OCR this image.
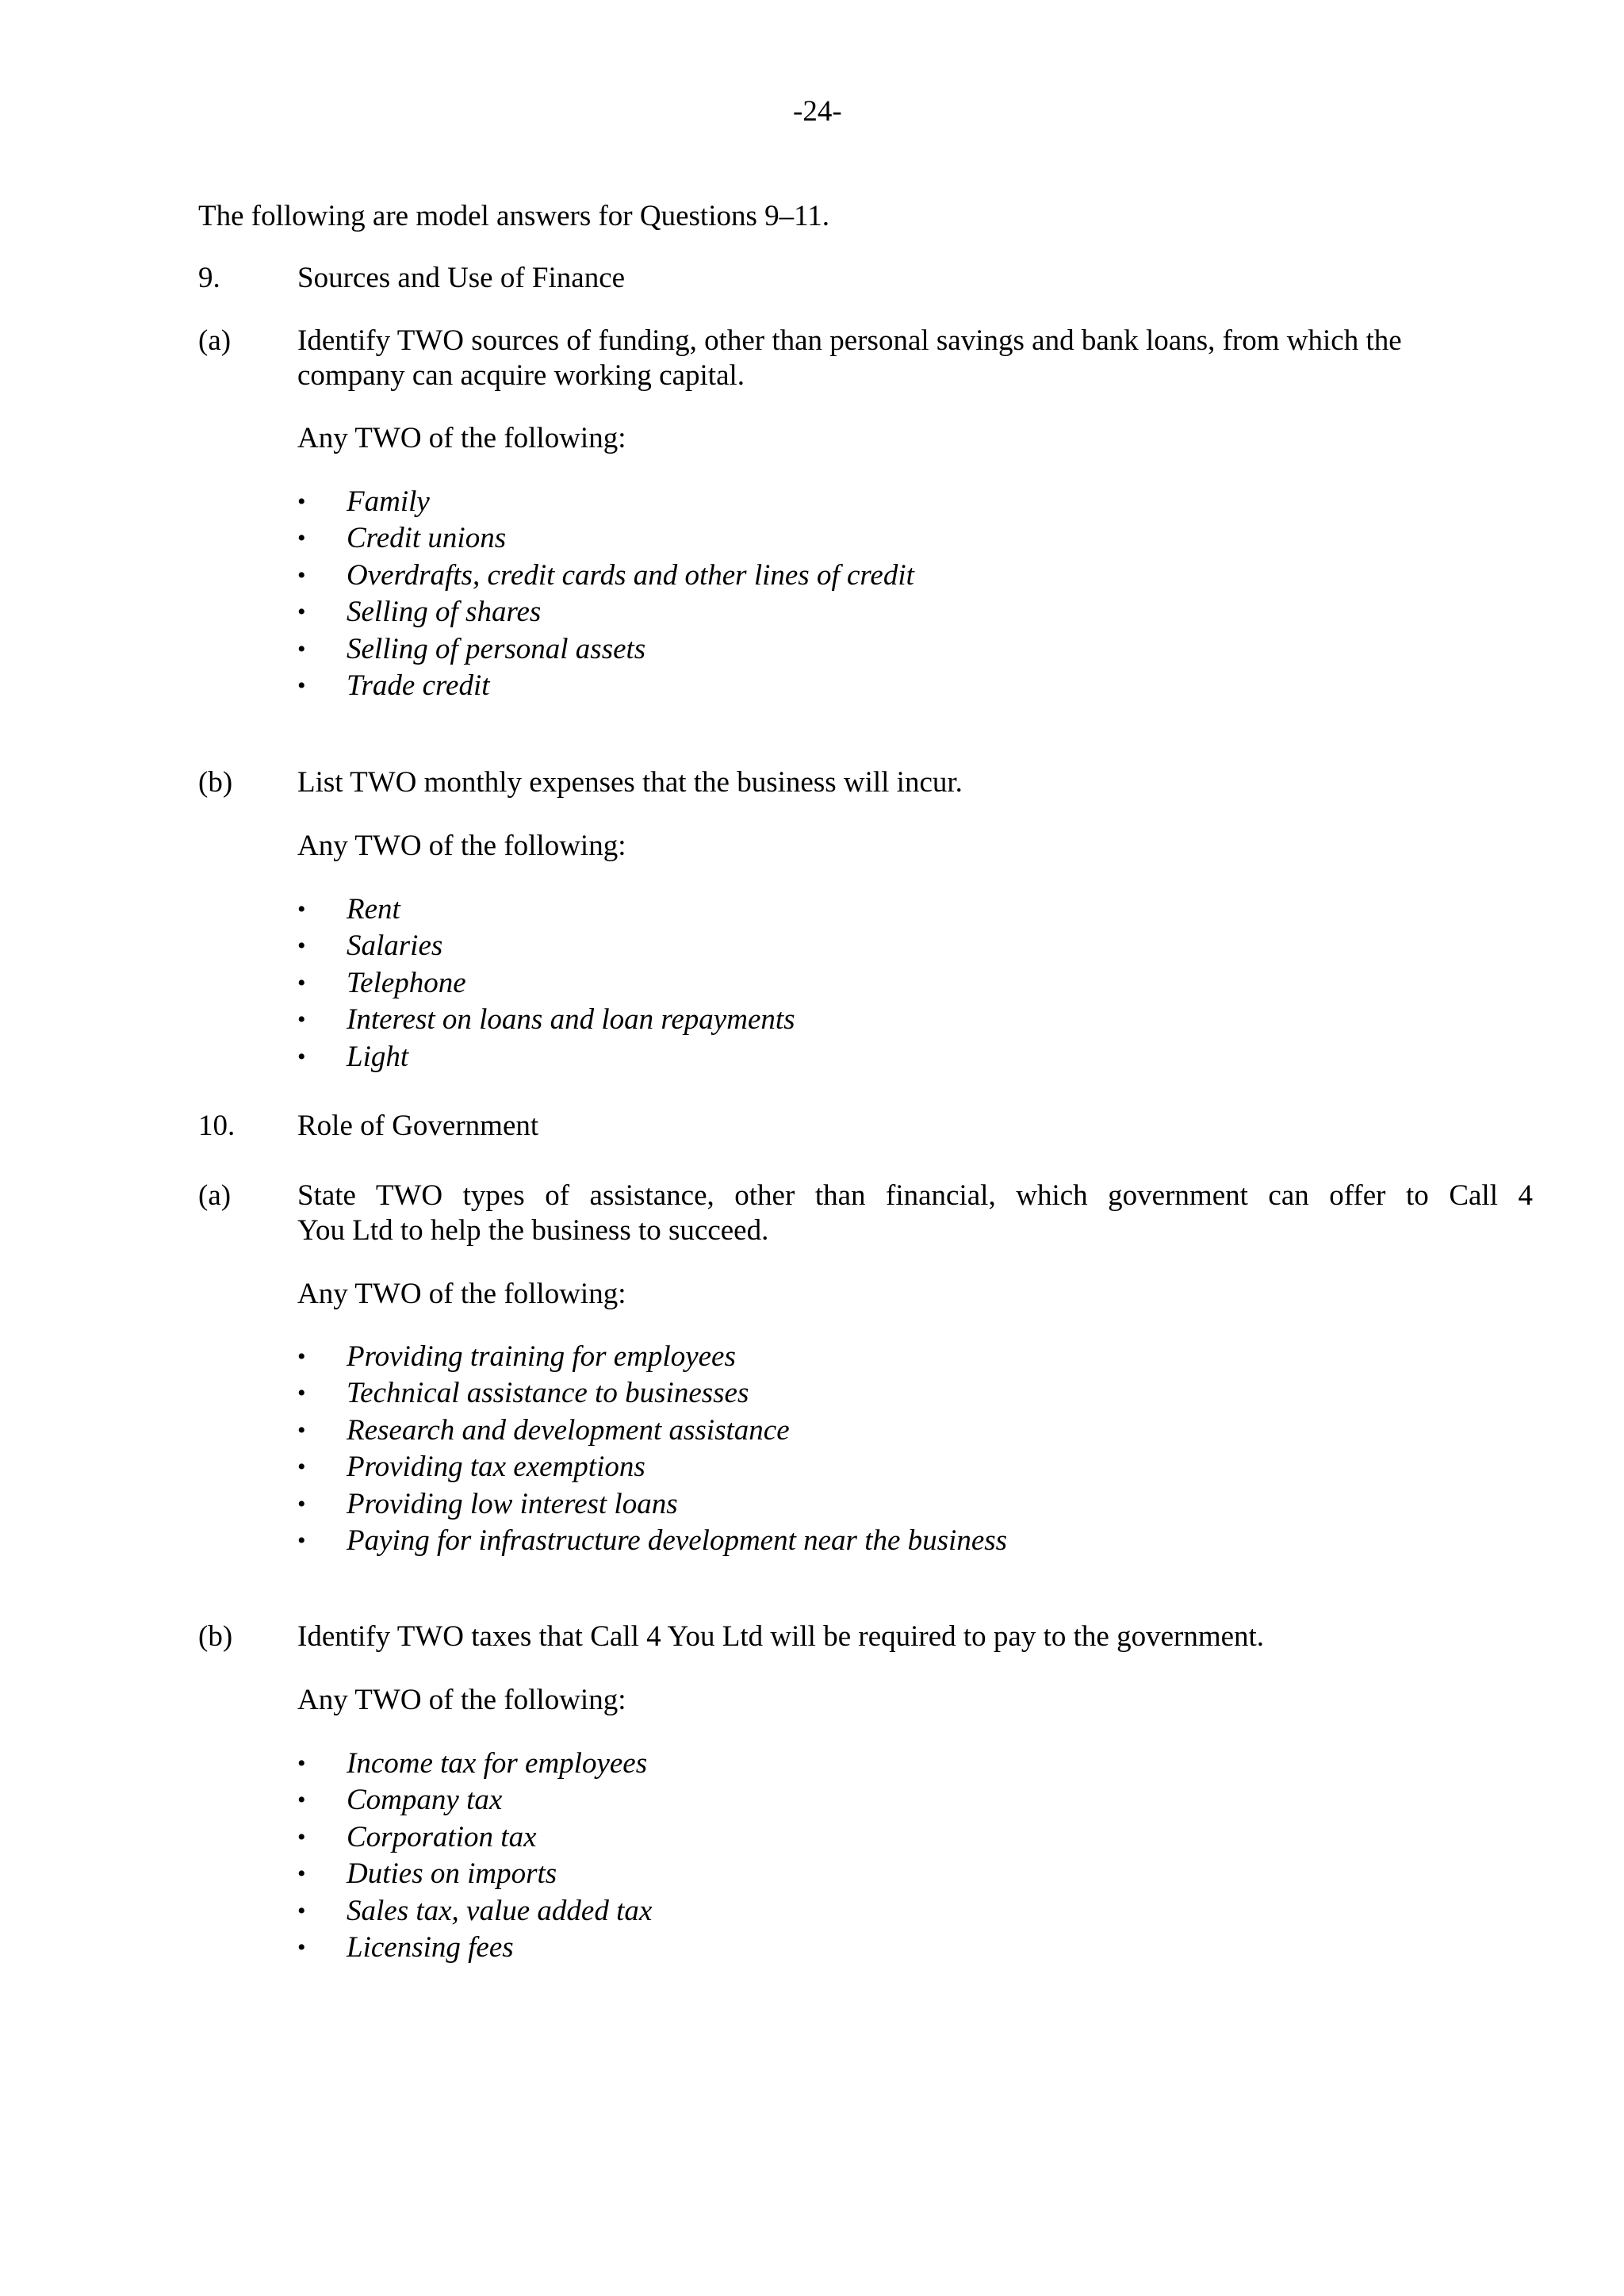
-24-
The following are model answers for Questions 9–11.
9.	Sources and Use of Finance
(a) Identify TWO sources of funding, other than personal savings and bank loans, from which the
company can acquire working capital.
Any TWO of the following:
• Family
• Credit unions
• Overdrafts, credit cards and other lines of credit
• Selling of shares
• Selling of personal assets
• Trade credit
(b) List TWO monthly expenses that the business will incur.
Any TWO of the following:
• Rent
• Salaries
• Telephone
• Interest on loans and loan repayments
• Light
10. Role of Government
(a) State TWO types of assistance, other than financial, which government can offer to Call 4
You Ltd to help the business to succeed.
Any TWO of the following:
• Providing training for employees
• Technical assistance to businesses
• Research and development assistance
• Providing tax exemptions
• Providing low interest loans
• Paying for infrastructure development near the business
(b) Identify TWO taxes that Call 4 You Ltd will be required to pay to the government.
Any TWO of the following:
• Income tax for employees
• Company tax
• Corporation tax
• Duties on imports
• Sales tax, value added tax
• Licensing fees
